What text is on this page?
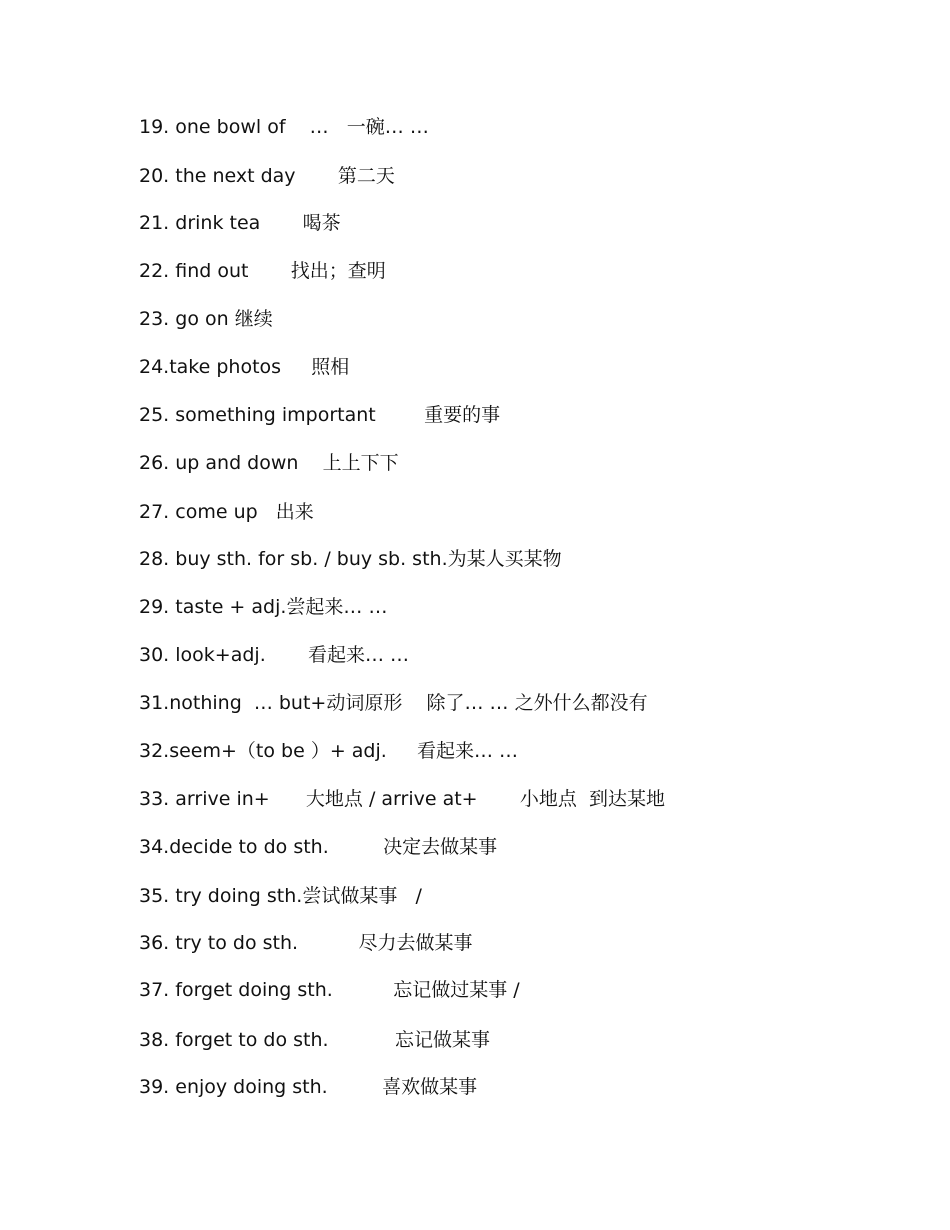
19. one bowl of    …   一碗… …
20. the next day       第二天
21. drink tea       喝茶
22. find out       找出；查明
23. go on 继续
24.take photos     照相
25. something important        重要的事
26. up and down    上上下下
27. come up   出来
28. buy sth. for sb. / buy sb. sth.为某人买某物
29. taste + adj.尝起来… …
30. look+adj.       看起来… …
31.nothing  … but+动词原形    除了… … 之外什么都没有
32.seem+（to be ）+ adj.     看起来… …
33. arrive in+      大地点 / arrive at+       小地点  到达某地
34.decide to do sth.         决定去做某事
35. try doing sth.尝试做某事   /
36. try to do sth.          尽力去做某事
37. forget doing sth.          忘记做过某事 /
38. forget to do sth.           忘记做某事
39. enjoy doing sth.         喜欢做某事
